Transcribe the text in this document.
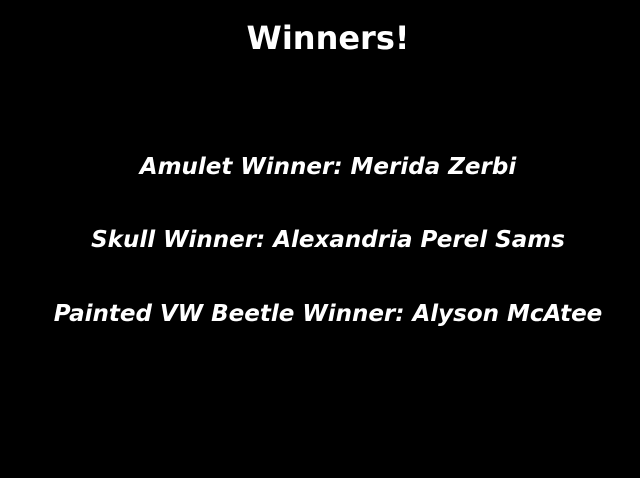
Winners!

Amulet Winner: Merida Zerbi

Skull Winner: Alexandria Perel Sams

Painted VW Beetle Winner: Alyson McAtee
